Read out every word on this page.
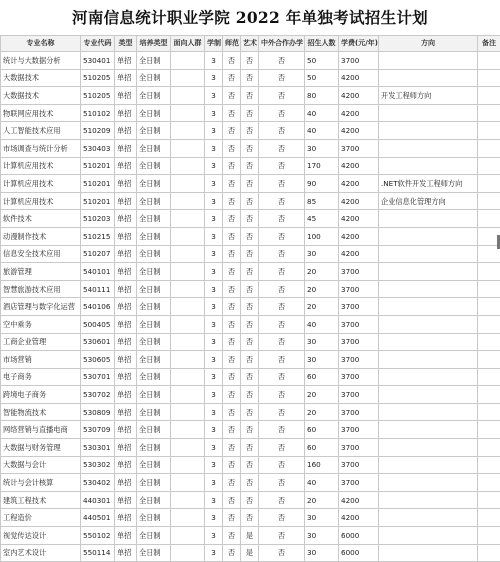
河南信息统计职业学院 2022 年单独考试招生计划
专业名称	专业代码	类型	培养类型	面向人群	学制	师范	艺术	中外合作办学	招生人数	学费(元/年)	方向	备注
统计与大数据分析	530401	单招	全日制		3	否	否	否	50	3700		
大数据技术	510205	单招	全日制		3	否	否	否	50	4200		
大数据技术	510205	单招	全日制		3	否	否	否	80	4200	开发工程师方向	
物联网应用技术	510102	单招	全日制		3	否	否	否	40	4200		
人工智能技术应用	510209	单招	全日制		3	否	否	否	40	4200		
市场调查与统计分析	530403	单招	全日制		3	否	否	否	30	3700		
计算机应用技术	510201	单招	全日制		3	否	否	否	170	4200		
计算机应用技术	510201	单招	全日制		3	否	否	否	90	4200	.NET软件开发工程师方向	
计算机应用技术	510201	单招	全日制		3	否	否	否	85	4200	企业信息化管理方向	
软件技术	510203	单招	全日制		3	否	否	否	45	4200		
动漫制作技术	510215	单招	全日制		3	否	否	否	100	4200		
信息安全技术应用	510207	单招	全日制		3	否	否	否	30	4200		
旅游管理	540101	单招	全日制		3	否	否	否	20	3700		
智慧旅游技术应用	540111	单招	全日制		3	否	否	否	20	3700		
酒店管理与数字化运营	540106	单招	全日制		3	否	否	否	20	3700		
空中乘务	500405	单招	全日制		3	否	否	否	40	3700		
工商企业管理	530601	单招	全日制		3	否	否	否	30	3700		
市场营销	530605	单招	全日制		3	否	否	否	30	3700		
电子商务	530701	单招	全日制		3	否	否	否	60	3700		
跨境电子商务	530702	单招	全日制		3	否	否	否	20	3700		
智能物流技术	530809	单招	全日制		3	否	否	否	20	3700		
网络营销与直播电商	530709	单招	全日制		3	否	否	否	60	3700		
大数据与财务管理	530301	单招	全日制		3	否	否	否	60	3700		
大数据与会计	530302	单招	全日制		3	否	否	否	160	3700		
统计与会计核算	530402	单招	全日制		3	否	否	否	40	3700		
建筑工程技术	440301	单招	全日制		3	否	否	否	20	4200		
工程造价	440501	单招	全日制		3	否	否	否	30	4200		
视觉传达设计	550102	单招	全日制		3	否	是	否	30	6000		
室内艺术设计	550114	单招	全日制		3	否	是	否	30	6000		
